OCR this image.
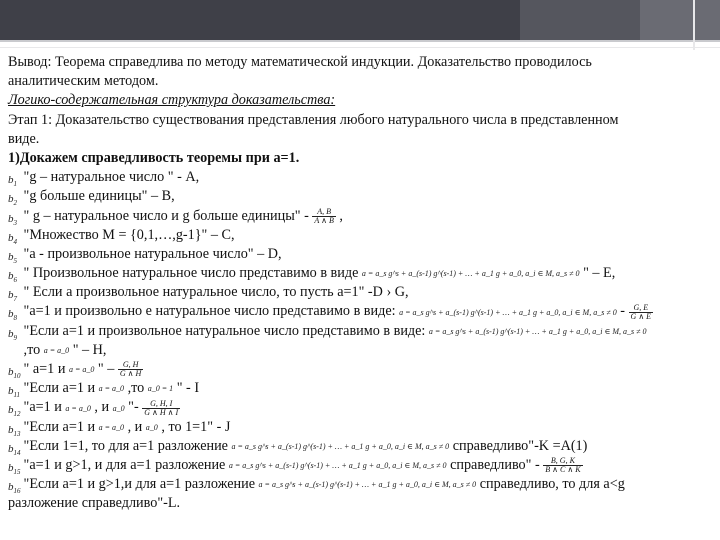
Вывод: Теорема справедлива по методу математической индукции. Доказательство проводилось
аналитическим методом.
Логико-содержательная структура доказательства:
Этап 1: Доказательство существования представления любого натурального числа в представленном
виде.
1)Докажем справедливость теоремы при а=1.
$b_1$ "g – натуральное число " - A,
$b_2$ "g больше единицы" – B,
$b_3$ " g – натуральное число и g больше единицы" - $\frac{A, B}{A \wedge B}$ ,
$b_4$ "Множество М = {0,1,…,g-1}" – C,
$b_5$ "a - произвольное натуральное число" – D,
$b_6$ " Произвольное натуральное число представимо в виде a = a_s g^s + a_(s-1) g^(s-1) + … + a_1 g + a_0, a_i ∈ M, a_s ≠ 0 " – E,
$b_7$ " Если а произвольное натуральное число, то пусть а=1" -D › G,
$b_8$ "а=1 и произвольно е натуральное число представимо в виде: a = a_s g^s + a_(s-1) g^(s-1) + … + a_1 g + a_0, a_i ∈ M, a_s ≠ $0 - \frac{G, E}{G \wedge E}$
$b_9$ "Если а=1 и произвольное натуральное число представимо в виде: a = a_s g^s + a_(s-1) g^(s-1) + … + a_1 g + a_0, a_i ∈ M, a_s ≠ 0
,то a = a_0 " – H,
$b_{10}$ " а=1 и a = a_0 " – $\frac{G, H}{G \wedge H}$
$b_{11}$ "Если а=1 и a = a_0 ,то a_0 = 1 " - I
$b_{12}$ "а=1 и a = a_0 , и a_0 "- $\frac{G, H, I}{G \wedge H \wedge I}$
$b_{13}$ "Если а=1 и a = a_0 , и a_0 , то 1=1" - J
$b_{14}$ "Если 1=1, то для а=1 разложение a = a_s g^s + a_(s-1) g^(s-1) + … + a_1 g + a_0, a_i ∈ M, a_s ≠ 0 справедливо"-K =A(1)
$b_{15}$ "а=1 и g>1, и для а=1 разложение a = a_s g^s + a_(s-1) g^(s-1) + … + a_1 g + a_0, a_i ∈ M, a_s ≠ 0 справедливо" - $\frac{B, G, K}{B \wedge C \wedge K}$
$b_{16}$ "Если а=1 и g>1,и для а=1 разложение a = a_s g^s + a_(s-1) g^(s-1) + … + a_1 g + a_0, a_i ∈ M, a_s ≠ 0 справедливо, то для a<g
разложение справедливо"-L.
